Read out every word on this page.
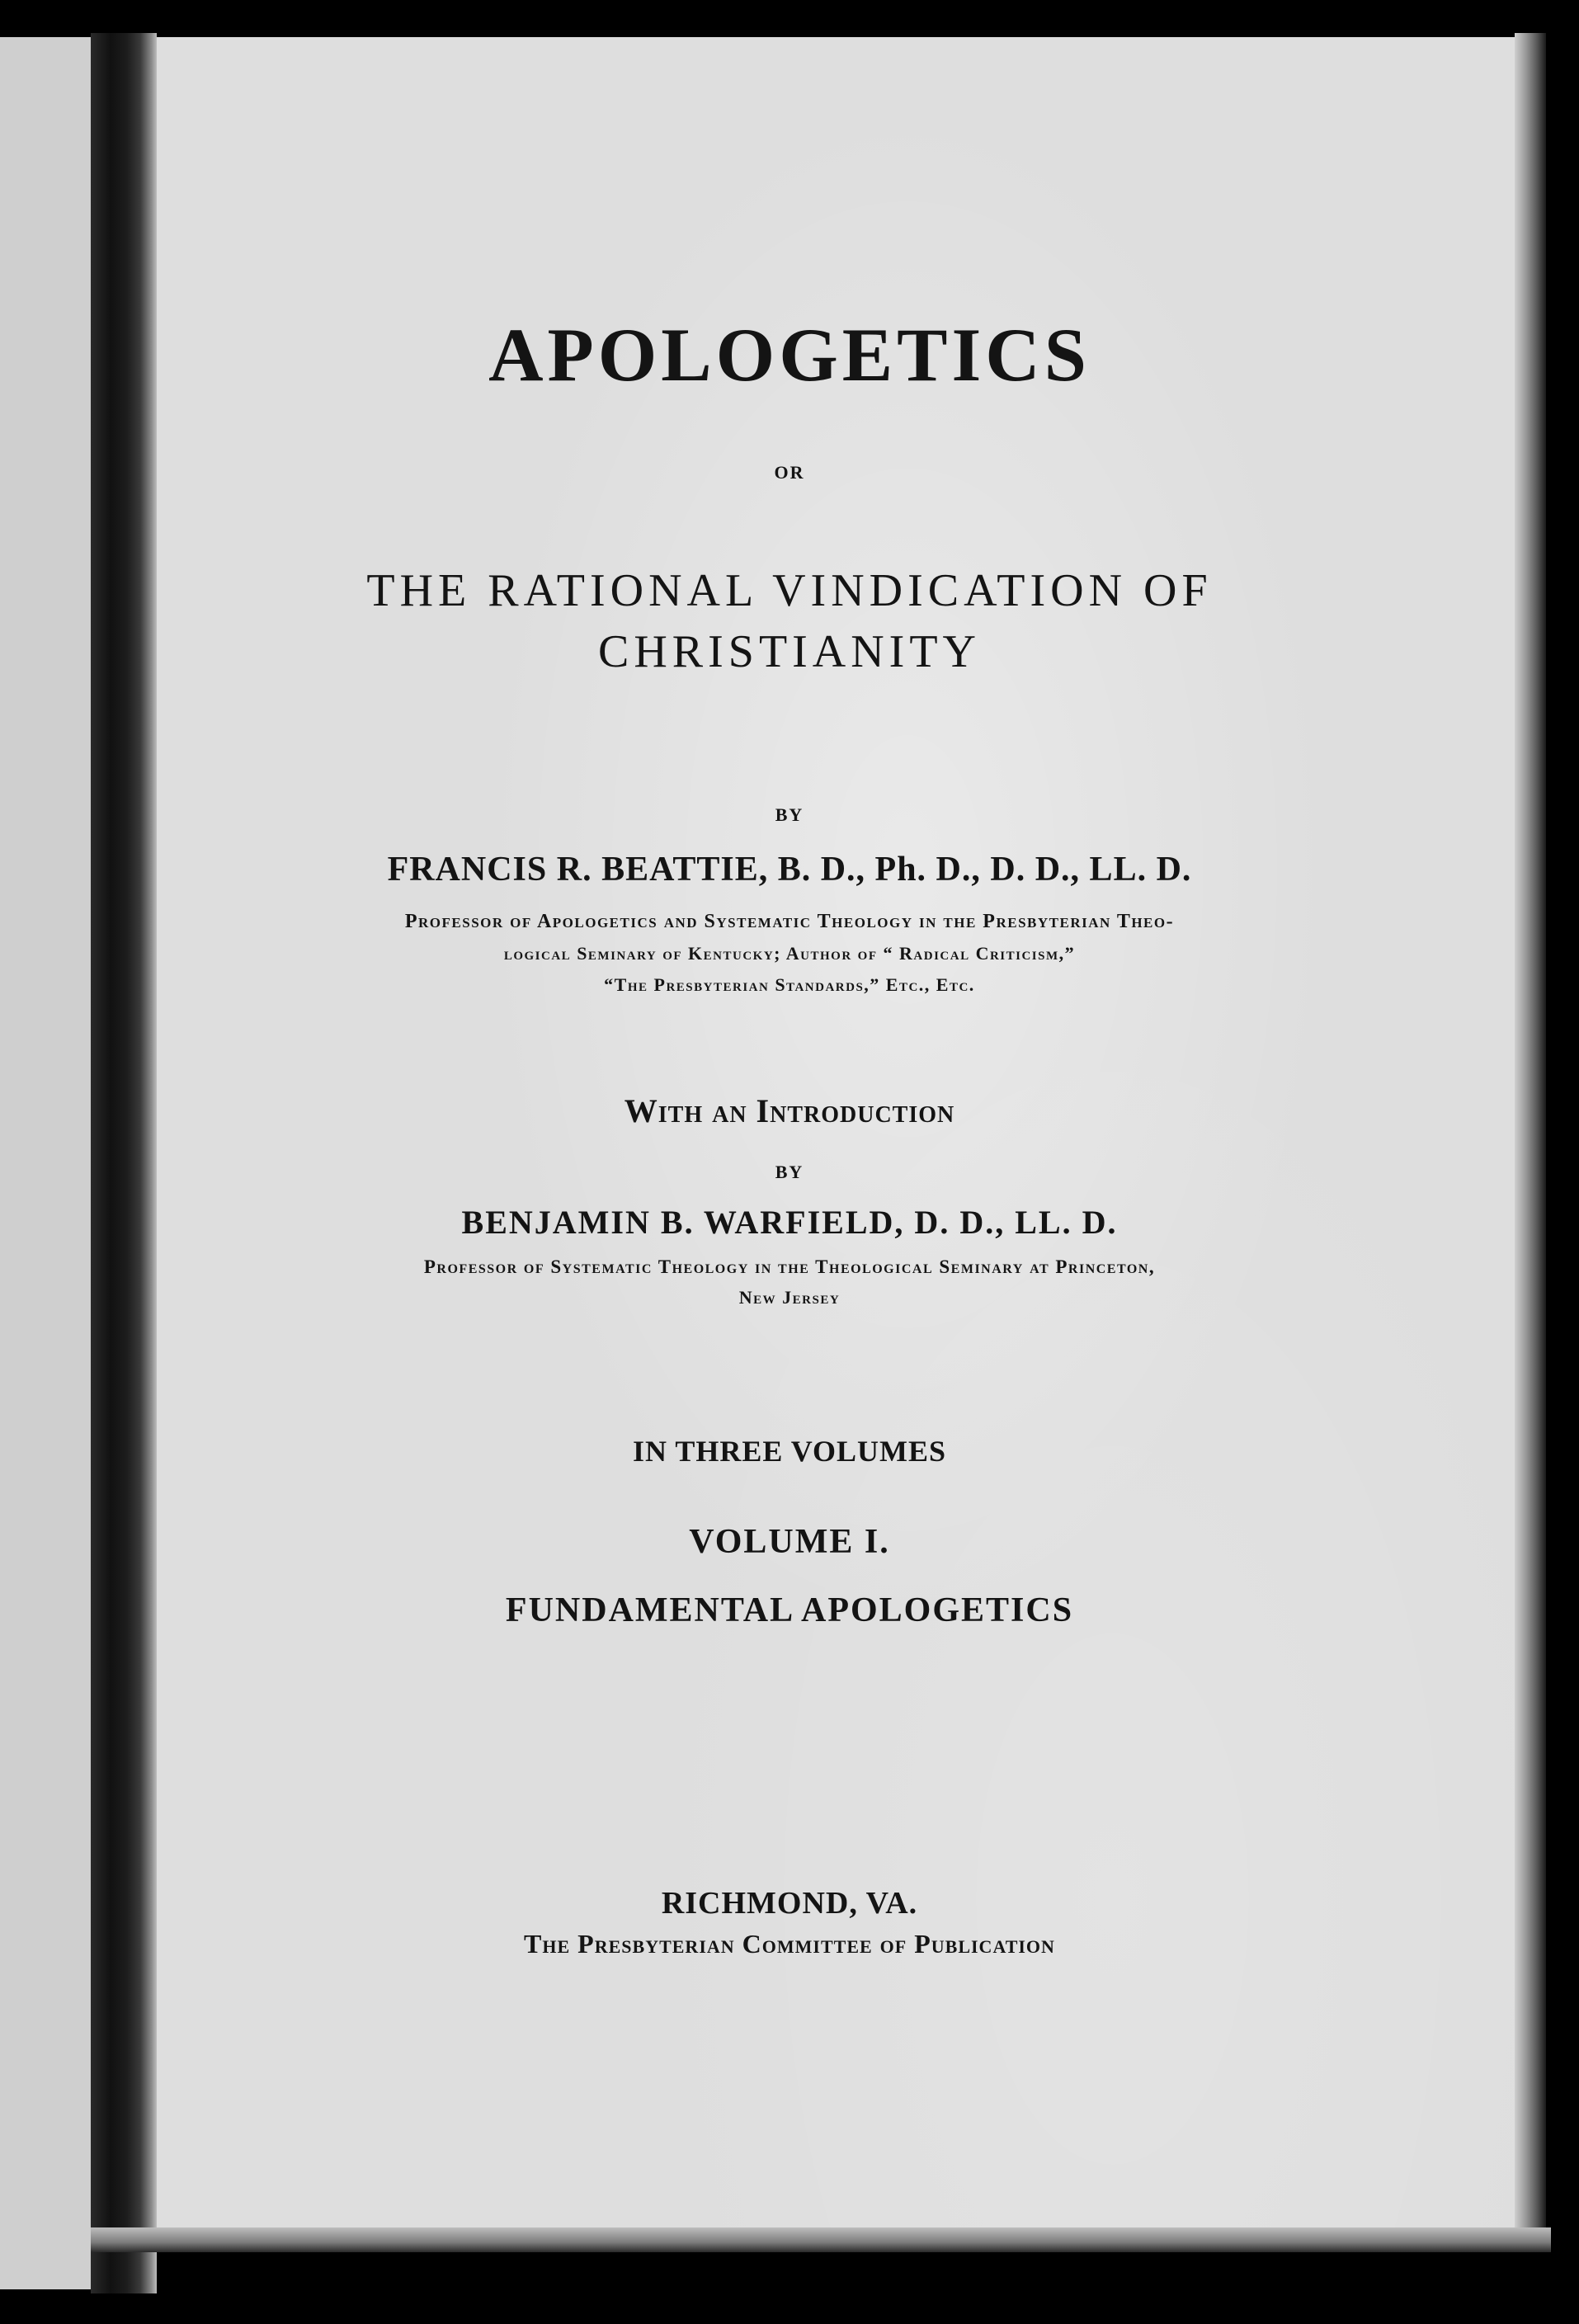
APOLOGETICS
OR
THE RATIONAL VINDICATION OF
CHRISTIANITY
BY
FRANCIS R. BEATTIE, B. D., Ph. D., D. D., LL. D.
Professor of Apologetics and Systematic Theology in the Presbyterian Theo-
logical Seminary of Kentucky; Author of “ Radical Criticism,”
“The Presbyterian Standards,” Etc., Etc.
With an Introduction
BY
BENJAMIN B. WARFIELD, D. D., LL. D.
Professor of Systematic Theology in the Theological Seminary at Princeton,
New Jersey
IN THREE VOLUMES
VOLUME I.
FUNDAMENTAL APOLOGETICS
RICHMOND, VA.
The Presbyterian Committee of Publication
